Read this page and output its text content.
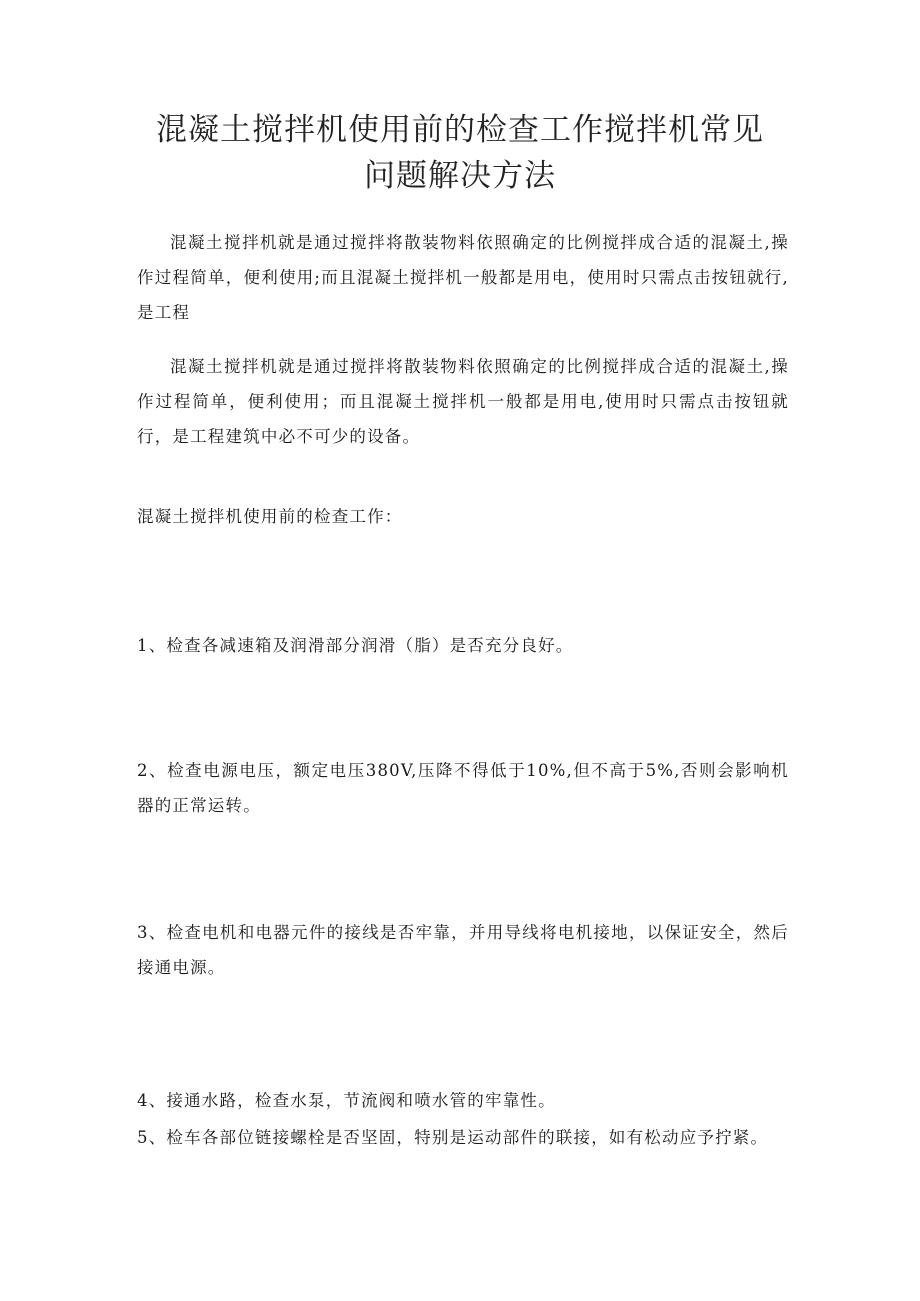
混凝土搅拌机使用前的检查工作搅拌机常见
问题解决方法

混凝土搅拌机就是通过搅拌将散装物料依照确定的比例搅拌成合适的混凝土,操作过程简单，便利使用;而且混凝土搅拌机一般都是用电，使用时只需点击按钮就行,是工程

混凝土搅拌机就是通过搅拌将散装物料依照确定的比例搅拌成合适的混凝土,操作过程简单，便利使用；而且混凝土搅拌机一般都是用电,使用时只需点击按钮就行，是工程建筑中必不可少的设备。

混凝土搅拌机使用前的检查工作：

1、检查各减速箱及润滑部分润滑（脂）是否充分良好。

2、检查电源电压，额定电压380V,压降不得低于10%,但不高于5%,否则会影响机器的正常运转。

3、检查电机和电器元件的接线是否牢靠，并用导线将电机接地，以保证安全，然后接通电源。

4、接通水路，检查水泵，节流阀和喷水管的牢靠性。

5、检车各部位链接螺栓是否坚固，特别是运动部件的联接，如有松动应予拧紧。
